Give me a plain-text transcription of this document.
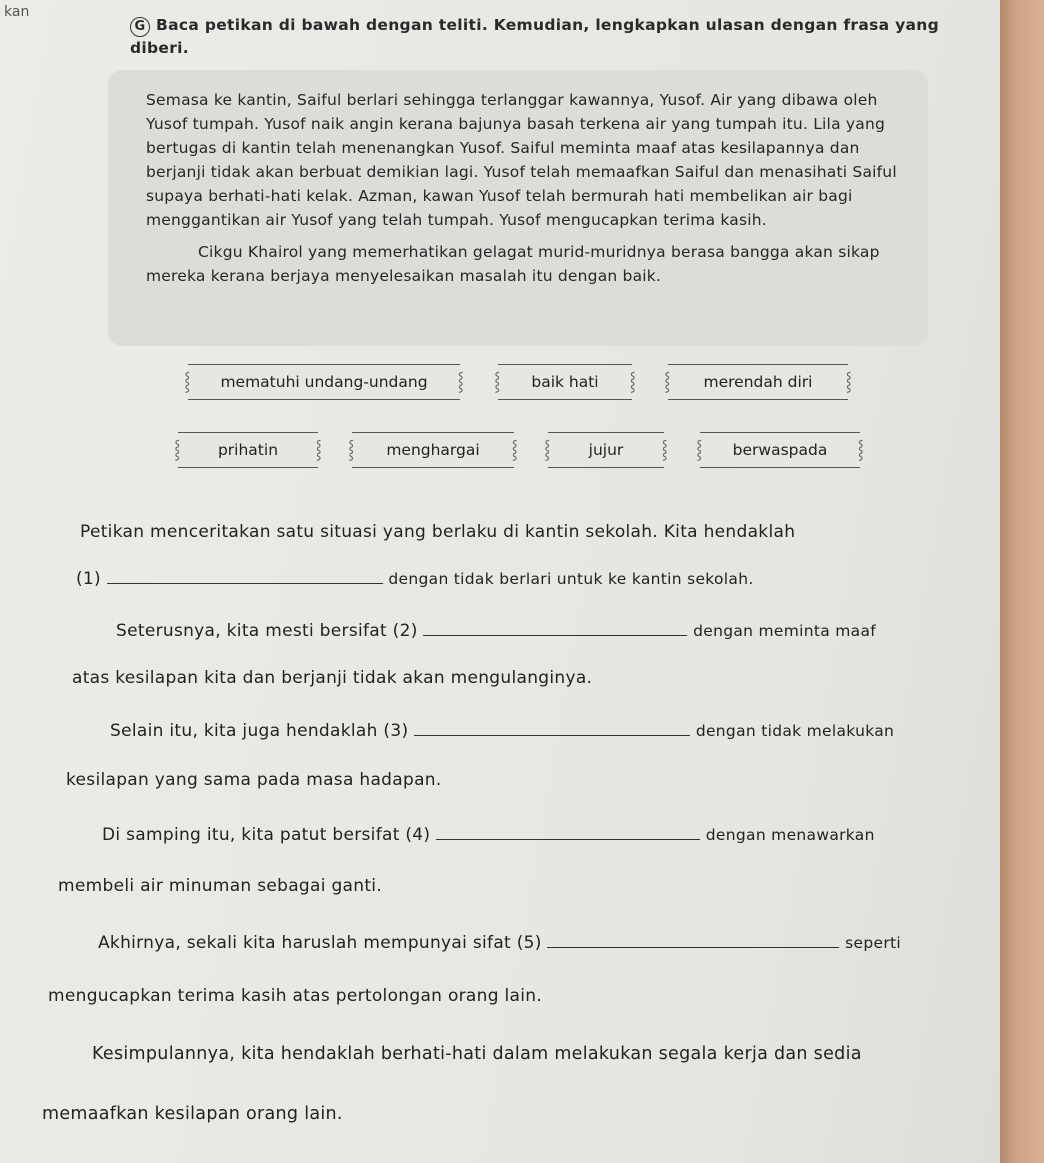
kan
G Baca petikan di bawah dengan teliti. Kemudian, lengkapkan ulasan dengan frasa yang diberi.

Semasa ke kantin, Saiful berlari sehingga terlanggar kawannya, Yusof. Air yang dibawa oleh Yusof tumpah. Yusof naik angin kerana bajunya basah terkena air yang tumpah itu. Lila yang bertugas di kantin telah menenangkan Yusof. Saiful meminta maaf atas kesilapannya dan berjanji tidak akan berbuat demikian lagi. Yusof telah memaafkan Saiful dan menasihati Saiful supaya berhati-hati kelak. Azman, kawan Yusof telah bermurah hati membelikan air bagi menggantikan air Yusof yang telah tumpah. Yusof mengucapkan terima kasih.

Cikgu Khairol yang memerhatikan gelagat murid-muridnya berasa bangga akan sikap mereka kerana berjaya menyelesaikan masalah itu dengan baik.

⸾ mematuhi undang-undang ⸾	⸾ baik hati ⸾	⸾ merendah diri ⸾
⸾ prihatin ⸾	⸾ menghargai ⸾	⸾ jujur ⸾	⸾ berwaspada ⸾
Petikan menceritakan satu situasi yang berlaku di kantin sekolah. Kita hendaklah
(1)	dengan tidak berlari untuk ke kantin sekolah.
Seterusnya, kita mesti bersifat (2)	dengan meminta maaf
atas kesilapan kita dan berjanji tidak akan mengulanginya.
Selain itu, kita juga hendaklah (3)	dengan tidak melakukan
kesilapan yang sama pada masa hadapan.
Di samping itu, kita patut bersifat (4)	dengan menawarkan
membeli air minuman sebagai ganti.
Akhirnya, sekali kita haruslah mempunyai sifat (5)	seperti
mengucapkan terima kasih atas pertolongan orang lain.
Kesimpulannya, kita hendaklah berhati-hati dalam melakukan segala kerja dan sedia
memaafkan kesilapan orang lain.
